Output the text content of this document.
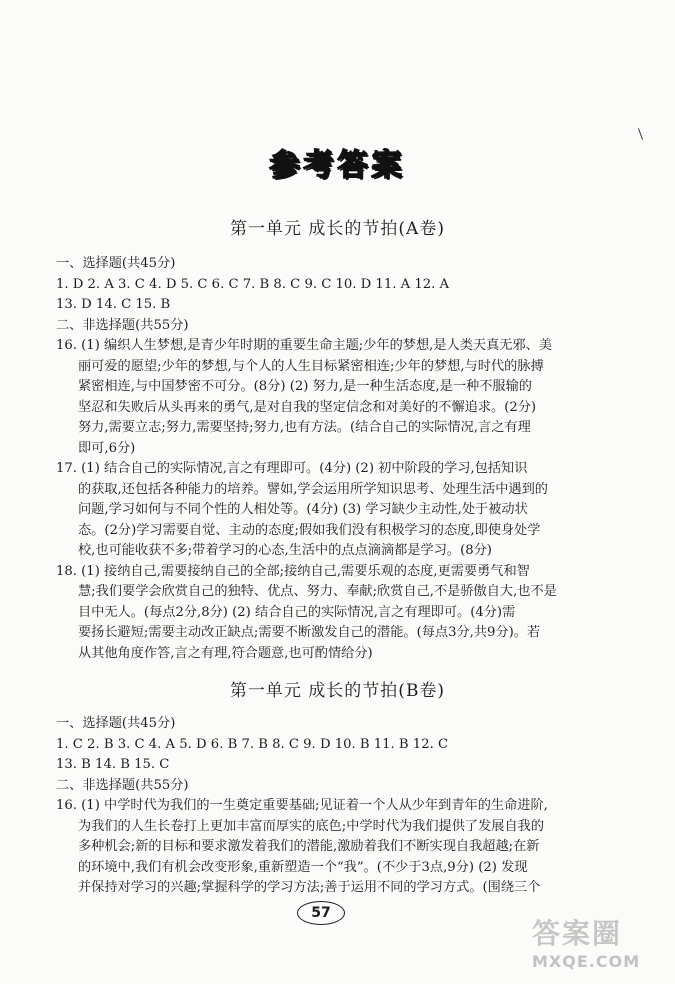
参考答案
第一单元 成长的节拍(A卷)
一、选择题(共45分)
1. D 2. A 3. C 4. D 5. C 6. C 7. B 8. C 9. C 10. D 11. A 12. A
13. D 14. C 15. B
二、非选择题(共55分)
16. (1) 编织人生梦想,是青少年时期的重要生命主题;少年的梦想,是人类天真无邪、美
丽可爱的愿望;少年的梦想,与个人的人生目标紧密相连;少年的梦想,与时代的脉搏
紧密相连,与中国梦密不可分。(8分) (2) 努力,是一种生活态度,是一种不服输的
坚忍和失败后从头再来的勇气,是对自我的坚定信念和对美好的不懈追求。(2分)
努力,需要立志;努力,需要坚持;努力,也有方法。(结合自己的实际情况,言之有理
即可,6分)
17. (1) 结合自己的实际情况,言之有理即可。(4分) (2) 初中阶段的学习,包括知识
的获取,还包括各种能力的培养。譬如,学会运用所学知识思考、处理生活中遇到的
问题,学习如何与不同个性的人相处等。(4分) (3) 学习缺少主动性,处于被动状
态。(2分)学习需要自觉、主动的态度;假如我们没有积极学习的态度,即使身处学
校,也可能收获不多;带着学习的心态,生活中的点点滴滴都是学习。(8分)
18. (1) 接纳自己,需要接纳自己的全部;接纳自己,需要乐观的态度,更需要勇气和智
慧;我们要学会欣赏自己的独特、优点、努力、奉献;欣赏自己,不是骄傲自大,也不是
目中无人。(每点2分,8分) (2) 结合自己的实际情况,言之有理即可。(4分)需
要扬长避短;需要主动改正缺点;需要不断激发自己的潜能。(每点3分,共9分)。若
从其他角度作答,言之有理,符合题意,也可酌情给分)
第一单元 成长的节拍(B卷)
一、选择题(共45分)
1. C 2. B 3. C 4. A 5. D 6. B 7. B 8. C 9. D 10. B 11. B 12. C
13. B 14. B 15. C
二、非选择题(共55分)
16. (1) 中学时代为我们的一生奠定重要基础;见证着一个人从少年到青年的生命进阶,
为我们的人生长卷打上更加丰富而厚实的底色;中学时代为我们提供了发展自我的
多种机会;新的目标和要求激发着我们的潜能,激励着我们不断实现自我超越;在新
的环境中,我们有机会改变形象,重新塑造一个“我”。(不少于3点,9分) (2) 发现
并保持对学习的兴趣;掌握科学的学习方法;善于运用不同的学习方式。(围绕三个
57
答案圈
MXQE.COM
